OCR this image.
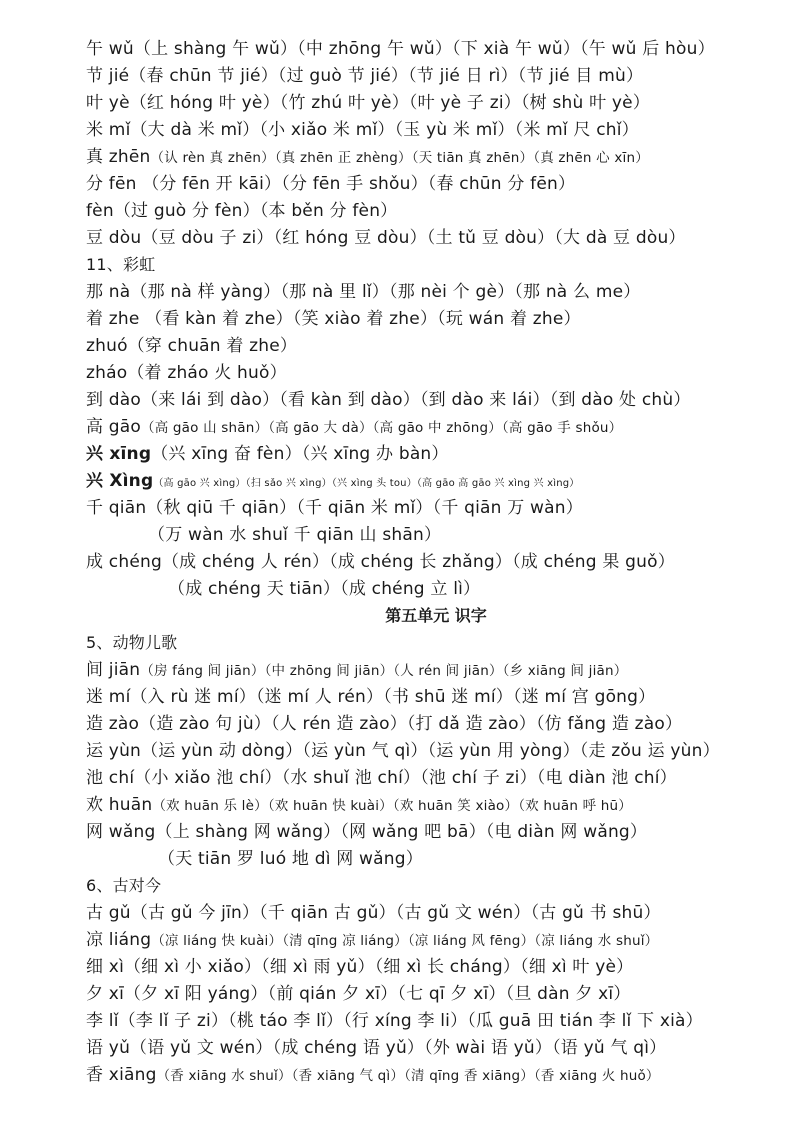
午 wǔ（上 shàng 午 wǔ）（中 zhōng 午 wǔ）（下 xià 午 wǔ）（午 wǔ 后 hòu）
节 jié（春 chūn 节 jié）（过 guò 节 jié）（节 jié 日 rì）（节 jié 目 mù）
叶 yè（红 hóng 叶 yè）（竹 zhú 叶 yè）（叶 yè 子 zi）（树 shù 叶 yè）
米 mǐ（大 dà 米 mǐ）（小 xiǎo 米 mǐ）（玉 yù 米 mǐ）（米 mǐ 尺 chǐ）
真 zhēn（认 rèn 真 zhēn）（真 zhēn 正 zhèng）（天 tiān 真 zhēn）（真 zhēn 心 xīn）
分 fēn （分 fēn 开 kāi）（分 fēn 手 shǒu）（春 chūn 分 fēn）
fèn（过 guò 分 fèn）（本 běn 分 fèn）
豆 dòu（豆 dòu 子 zi）（红 hóng 豆 dòu）（土 tǔ 豆 dòu）（大 dà 豆 dòu）
11、彩虹
那 nà（那 nà 样 yàng）（那 nà 里 lǐ）（那 nèi 个 gè）（那 nà 么 me）
着 zhe （看 kàn 着 zhe）（笑 xiào 着 zhe）（玩 wán 着 zhe）
zhuó（穿 chuān 着 zhe）
zháo（着 zháo 火 huǒ）
到 dào（来 lái 到 dào）（看 kàn 到 dào）（到 dào 来 lái）（到 dào 处 chù）
高 gāo（高 gāo 山 shān）（高 gāo 大 dà）（高 gāo 中 zhōng）（高 gāo 手 shǒu）
兴 xīng（兴 xīng 奋 fèn）（兴 xīng 办 bàn）
兴 Xìng（高 gāo 兴 xìng）（扫 sǎo 兴 xìng）（兴 xìng 头 tou）（高 gāo 高 gāo 兴 xìng 兴 xìng）
千 qiān（秋 qiū 千 qiān）（千 qiān 米 mǐ）（千 qiān 万 wàn）
（万 wàn 水 shuǐ 千 qiān 山 shān）
成 chéng（成 chéng 人 rén）（成 chéng 长 zhǎng）（成 chéng 果 guǒ）
（成 chéng 天 tiān）（成 chéng 立 lì）
第五单元 识字
5、动物儿歌
间 jiān（房 fáng 间 jiān）（中 zhōng 间 jiān）（人 rén 间 jiān）（乡 xiāng 间 jiān）
迷 mí（入 rù 迷 mí）（迷 mí 人 rén）（书 shū 迷 mí）（迷 mí 宫 gōng）
造 zào（造 zào 句 jù）（人 rén 造 zào）（打 dǎ 造 zào）（仿 fǎng 造 zào）
运 yùn（运 yùn 动 dòng）（运 yùn 气 qì）（运 yùn 用 yòng）（走 zǒu 运 yùn）
池 chí（小 xiǎo 池 chí）（水 shuǐ 池 chí）（池 chí 子 zi）（电 diàn 池 chí）
欢 huān（欢 huān 乐 lè）（欢 huān 快 kuài）（欢 huān 笑 xiào）（欢 huān 呼 hū）
网 wǎng（上 shàng 网 wǎng）（网 wǎng 吧 bā）（电 diàn 网 wǎng）
（天 tiān 罗 luó 地 dì 网 wǎng）
6、古对今
古 gǔ（古 gǔ 今 jīn）（千 qiān 古 gǔ）（古 gǔ 文 wén）（古 gǔ 书 shū）
凉 liáng（凉 liáng 快 kuài）（清 qīng 凉 liáng）（凉 liáng 风 fēng）（凉 liáng 水 shuǐ）
细 xì（细 xì 小 xiǎo）（细 xì 雨 yǔ）（细 xì 长 cháng）（细 xì 叶 yè）
夕 xī（夕 xī 阳 yáng）（前 qián 夕 xī）（七 qī 夕 xī）（旦 dàn 夕 xī）
李 lǐ（李 lǐ 子 zi）（桃 táo 李 lǐ）（行 xíng 李 li）（瓜 guā 田 tián 李 lǐ 下 xià）
语 yǔ（语 yǔ 文 wén）（成 chéng 语 yǔ）（外 wài 语 yǔ）（语 yǔ 气 qì）
香 xiāng（香 xiāng 水 shuǐ）（香 xiāng 气 qì）（清 qīng 香 xiāng）（香 xiāng 火 huǒ）
